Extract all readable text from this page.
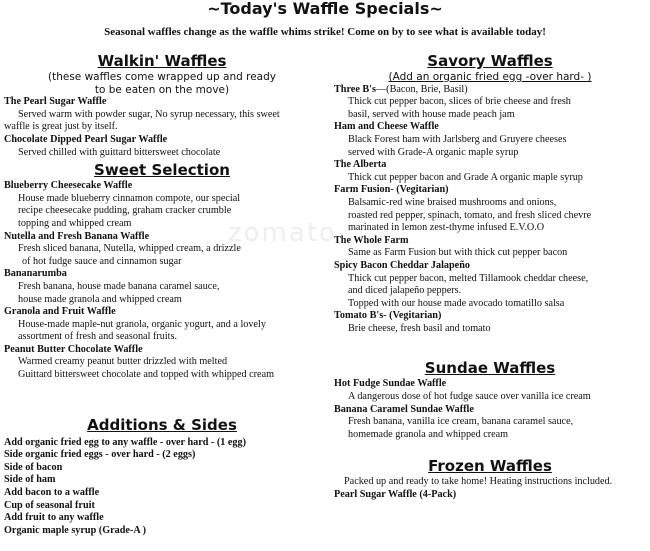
~Today's Waffle Specials~
Seasonal waffles change as the waffle whims strike! Come on by to see what is available today!
zomato
Walkin' Waffles
(these waffles come wrapped up and ready
to be eaten on the move)
The Pearl Sugar Waffle
Served warm with powder sugar, No syrup necessary, this sweet
waffle is great just by itself.
Chocolate Dipped Pearl Sugar Waffle
Served chilled with guittard bittersweet chocolate
Sweet Selection
Blueberry Cheesecake Waffle
House made blueberry cinnamon compote, our special
recipe cheesecake pudding, graham cracker crumble
topping and whipped cream
Nutella and Fresh Banana Waffle
Fresh sliced banana, Nutella, whipped cream, a drizzle
of hot fudge sauce and cinnamon sugar
Bananarumba
Fresh banana, house made banana caramel sauce,
house made granola and whipped cream
Granola and Fruit Waffle
House-made maple-nut granola, organic yogurt, and a lovely
assortment of fresh and seasonal fruits.
Peanut Butter Chocolate Waffle
Warmed creamy peanut butter drizzled with melted
Guittard bittersweet chocolate and topped with whipped cream
Additions & Sides
Add organic fried egg to any waffle - over hard - (1 egg)
Side organic fried eggs - over hard - (2 eggs)
Side of bacon
Side of ham
Add bacon to a waffle
Cup of seasonal fruit
Add fruit to any waffle
Organic maple syrup (Grade-A )
Savory Waffles
(Add an organic fried egg -over hard- )
Three B's—(Bacon, Brie, Basil)
Thick cut pepper bacon, slices of brie cheese and fresh
basil, served with house made peach jam
Ham and Cheese Waffle
Black Forest ham with Jarlsberg and Gruyere cheeses
served with Grade-A organic maple syrup
The Alberta
Thick cut pepper bacon and Grade A organic maple syrup
Farm Fusion- (Vegitarian)
Balsamic-red wine braised mushrooms and onions,
roasted red pepper, spinach, tomato, and fresh sliced chevre
marinated in lemon zest-thyme infused E.V.O.O
The Whole Farm
Same as Farm Fusion but with thick cut pepper bacon
Spicy Bacon Cheddar Jalapeño
Thick cut pepper bacon, melted Tillamook cheddar cheese,
and diced jalapeño peppers.
Topped with our house made avocado tomatillo salsa
Tomato B's- (Vegitarian)
Brie cheese, fresh basil and tomato
Sundae Waffles
Hot Fudge Sundae Waffle
A dangerous dose of hot fudge sauce over vanilla ice cream
Banana Caramel Sundae Waffle
Fresh banana, vanilla ice cream, banana caramel sauce,
homemade granola and whipped cream
Frozen Waffles
Packed up and ready to take home! Heating instructions included.
Pearl Sugar Waffle (4-Pack)
